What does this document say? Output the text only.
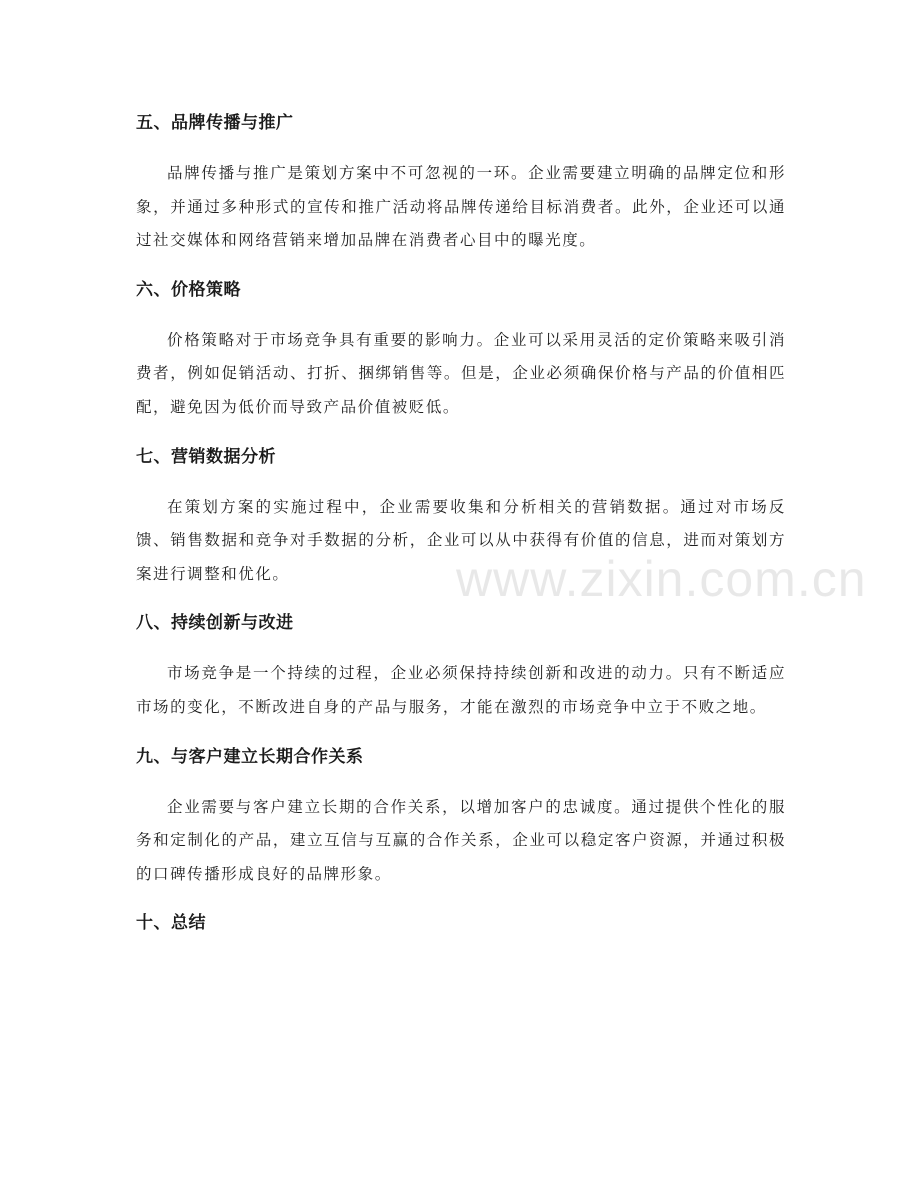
五、品牌传播与推广

品牌传播与推广是策划方案中不可忽视的一环。企业需要建立明确的品牌定位和形象，并通过多种形式的宣传和推广活动将品牌传递给目标消费者。此外，企业还可以通过社交媒体和网络营销来增加品牌在消费者心目中的曝光度。

六、价格策略

价格策略对于市场竞争具有重要的影响力。企业可以采用灵活的定价策略来吸引消费者，例如促销活动、打折、捆绑销售等。但是，企业必须确保价格与产品的价值相匹配，避免因为低价而导致产品价值被贬低。

七、营销数据分析

在策划方案的实施过程中，企业需要收集和分析相关的营销数据。通过对市场反馈、销售数据和竞争对手数据的分析，企业可以从中获得有价值的信息，进而对策划方案进行调整和优化。

八、持续创新与改进

市场竞争是一个持续的过程，企业必须保持持续创新和改进的动力。只有不断适应市场的变化，不断改进自身的产品与服务，才能在激烈的市场竞争中立于不败之地。

九、与客户建立长期合作关系

企业需要与客户建立长期的合作关系，以增加客户的忠诚度。通过提供个性化的服务和定制化的产品，建立互信与互赢的合作关系，企业可以稳定客户资源，并通过积极的口碑传播形成良好的品牌形象。

十、总结
www.zixin.com.cn
